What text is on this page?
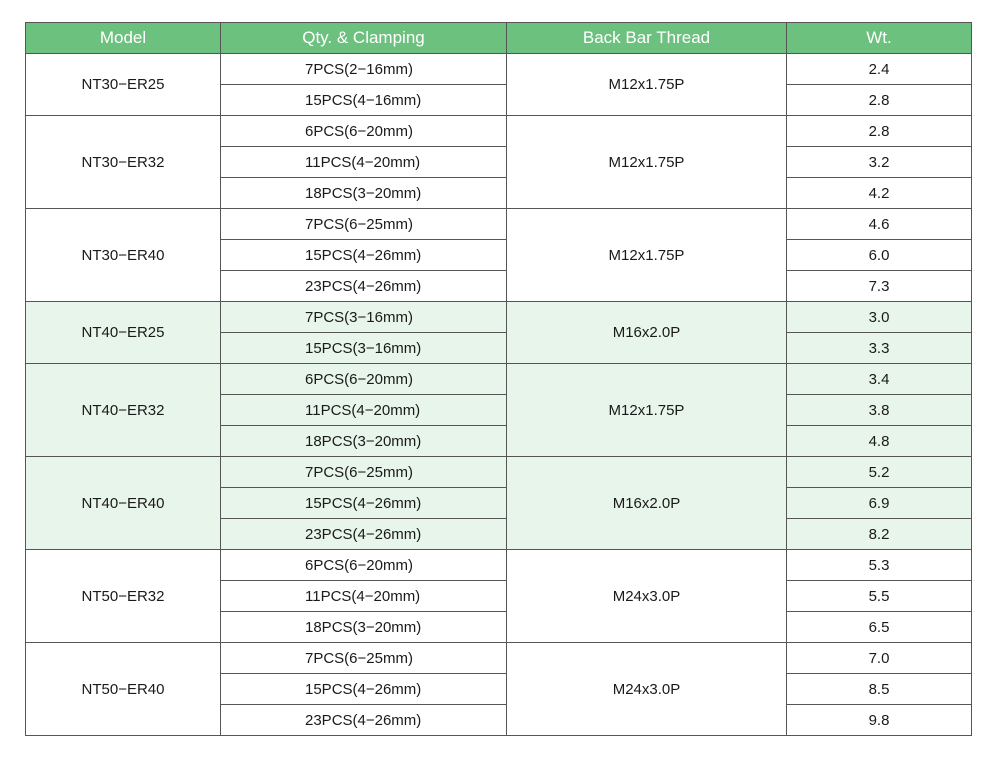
Model	Qty. & Clamping	Back Bar Thread	Wt.
NT30−ER25	7PCS(2−16mm)	M12x1.75P	2.4
	15PCS(4−16mm)		2.8
NT30−ER32	6PCS(6−20mm)	M12x1.75P	2.8
	11PCS(4−20mm)		3.2
	18PCS(3−20mm)		4.2
NT30−ER40	7PCS(6−25mm)	M12x1.75P	4.6
	15PCS(4−26mm)		6.0
	23PCS(4−26mm)		7.3
NT40−ER25	7PCS(3−16mm)	M16x2.0P	3.0
	15PCS(3−16mm)		3.3
NT40−ER32	6PCS(6−20mm)	M12x1.75P	3.4
	11PCS(4−20mm)		3.8
	18PCS(3−20mm)		4.8
NT40−ER40	7PCS(6−25mm)	M16x2.0P	5.2
	15PCS(4−26mm)		6.9
	23PCS(4−26mm)		8.2
NT50−ER32	6PCS(6−20mm)	M24x3.0P	5.3
	11PCS(4−20mm)		5.5
	18PCS(3−20mm)		6.5
NT50−ER40	7PCS(6−25mm)	M24x3.0P	7.0
	15PCS(4−26mm)		8.5
	23PCS(4−26mm)		9.8
